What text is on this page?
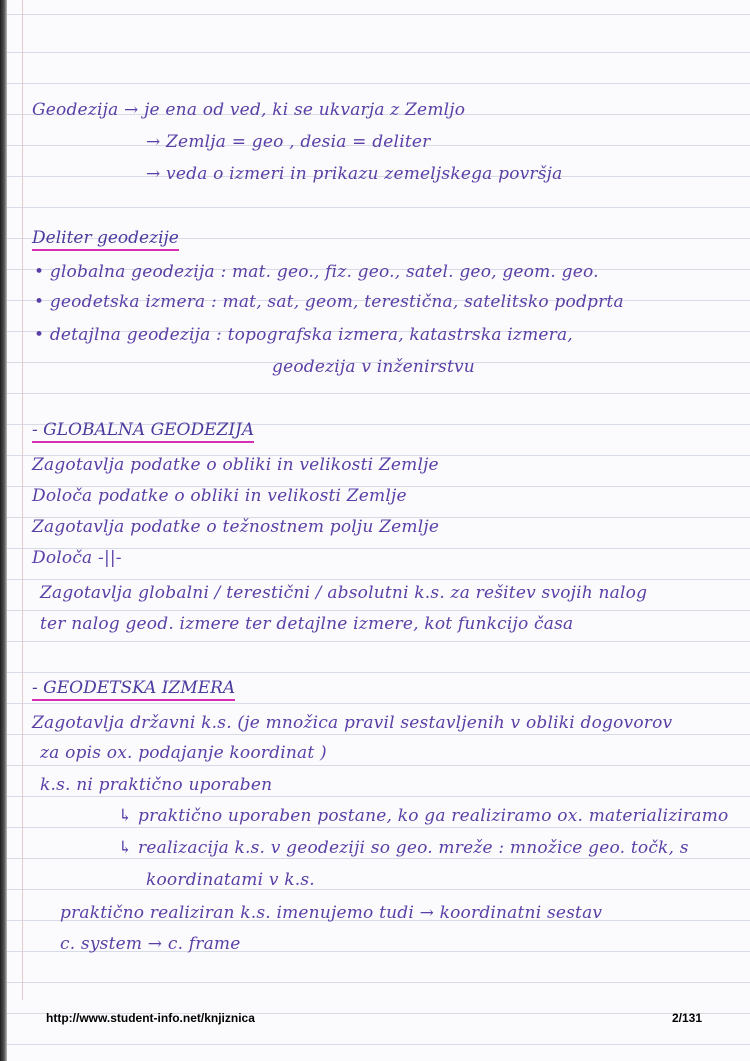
Geodezija → je ena od ved, ki se ukvarja z Zemljo
→ Zemlja = geo , desia = deliter
→ veda o izmeri in prikazu zemeljskega površja
Deliter geodezije
• globalna geodezija : mat. geo., fiz. geo., satel. geo, geom. geo.
• geodetska izmera : mat, sat, geom, terestična, satelitsko podprta
• detajlna geodezija : topografska izmera, katastrska izmera,
geodezija v inženirstvu
- GLOBALNA GEODEZIJA
Zagotavlja podatke o obliki in velikosti Zemlje
Določa podatke o obliki in velikosti Zemlje
Zagotavlja podatke o težnostnem polju Zemlje
Določa -||-
Zagotavlja globalni / terestični / absolutni k.s. za rešitev svojih nalog
ter nalog geod. izmere ter detajlne izmere, kot funkcijo časa
- GEODETSKA IZMERA
Zagotavlja državni k.s. (je množica pravil sestavljenih v obliki dogovorov
za opis ox. podajanje koordinat )
k.s. ni praktično uporaben
↳ praktično uporaben postane, ko ga realiziramo ox. materializiramo
↳ realizacija k.s. v geodeziji so geo. mreže : množice geo. točk, s
koordinatami v k.s.
praktično realiziran k.s. imenujemo tudi → koordinatni sestav
c. system → c. frame
http://www.student-info.net/knjiznica	2/131
